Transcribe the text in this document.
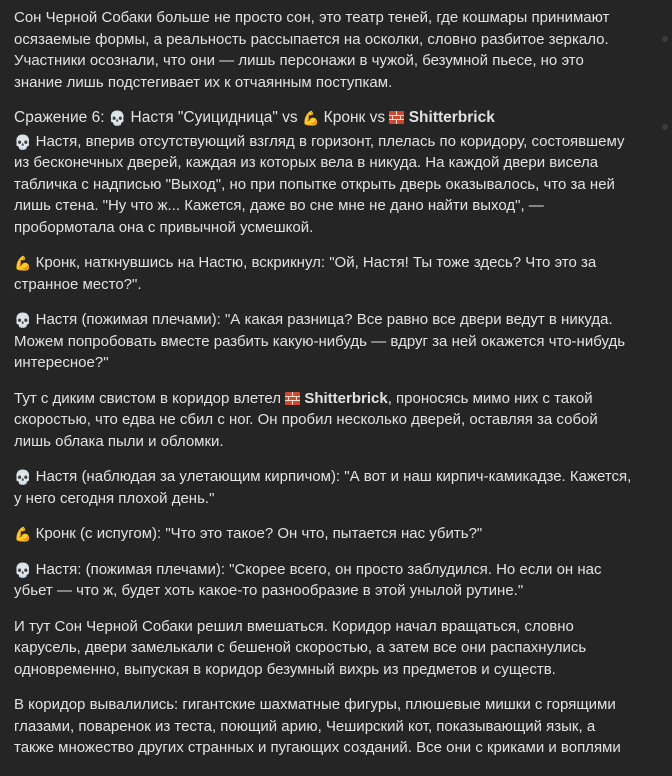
Сон Черной Собаки больше не просто сон, это театр теней, где кошмары принимают осязаемые формы, а реальность рассыпается на осколки, словно разбитое зеркало. Участники осознали, что они — лишь персонажи в чужой, безумной пьесе, но это знание лишь подстегивает их к отчаянным поступкам.

Сражение 6: 💀 Настя "Суицидница" vs 💪 Кронк vs  Shitterbrick

💀 Настя, вперив отсутствующий взгляд в горизонт, плелась по коридору, состоявшему из бесконечных дверей, каждая из которых вела в никуда. На каждой двери висела табличка с надписью "Выход", но при попытке открыть дверь оказывалось, что за ней лишь стена. "Ну что ж... Кажется, даже во сне мне не дано найти выход", — пробормотала она с привычной усмешкой.

💪 Кронк, наткнувшись на Настю, вскрикнул: "Ой, Настя! Ты тоже здесь? Что это за странное место?".

💀 Настя (пожимая плечами): "А какая разница? Все равно все двери ведут в никуда. Можем попробовать вместе разбить какую-нибудь — вдруг за ней окажется что-нибудь интересное?"

Тут с диким свистом в коридор влетел  Shitterbrick, проносясь мимо них с такой скоростью, что едва не сбил с ног. Он пробил несколько дверей, оставляя за собой лишь облака пыли и обломки.

💀 Настя (наблюдая за улетающим кирпичом): "А вот и наш кирпич-камикадзе. Кажется, у него сегодня плохой день."

💪 Кронк (с испугом): "Что это такое? Он что, пытается нас убить?"

💀 Настя: (пожимая плечами): "Скорее всего, он просто заблудился. Но если он нас убьет — что ж, будет хоть какое-то разнообразие в этой унылой рутине."

И тут Сон Черной Собаки решил вмешаться. Коридор начал вращаться, словно карусель, двери замелькали с бешеной скоростью, а затем все они распахнулись одновременно, выпуская в коридор безумный вихрь из предметов и существ.

В коридор вывалились: гигантские шахматные фигуры, плюшевые мишки с горящими глазами, поваренок из теста, поющий арию, Чеширский кот, показывающий язык, а также множество других странных и пугающих созданий. Все они с криками и воплями
